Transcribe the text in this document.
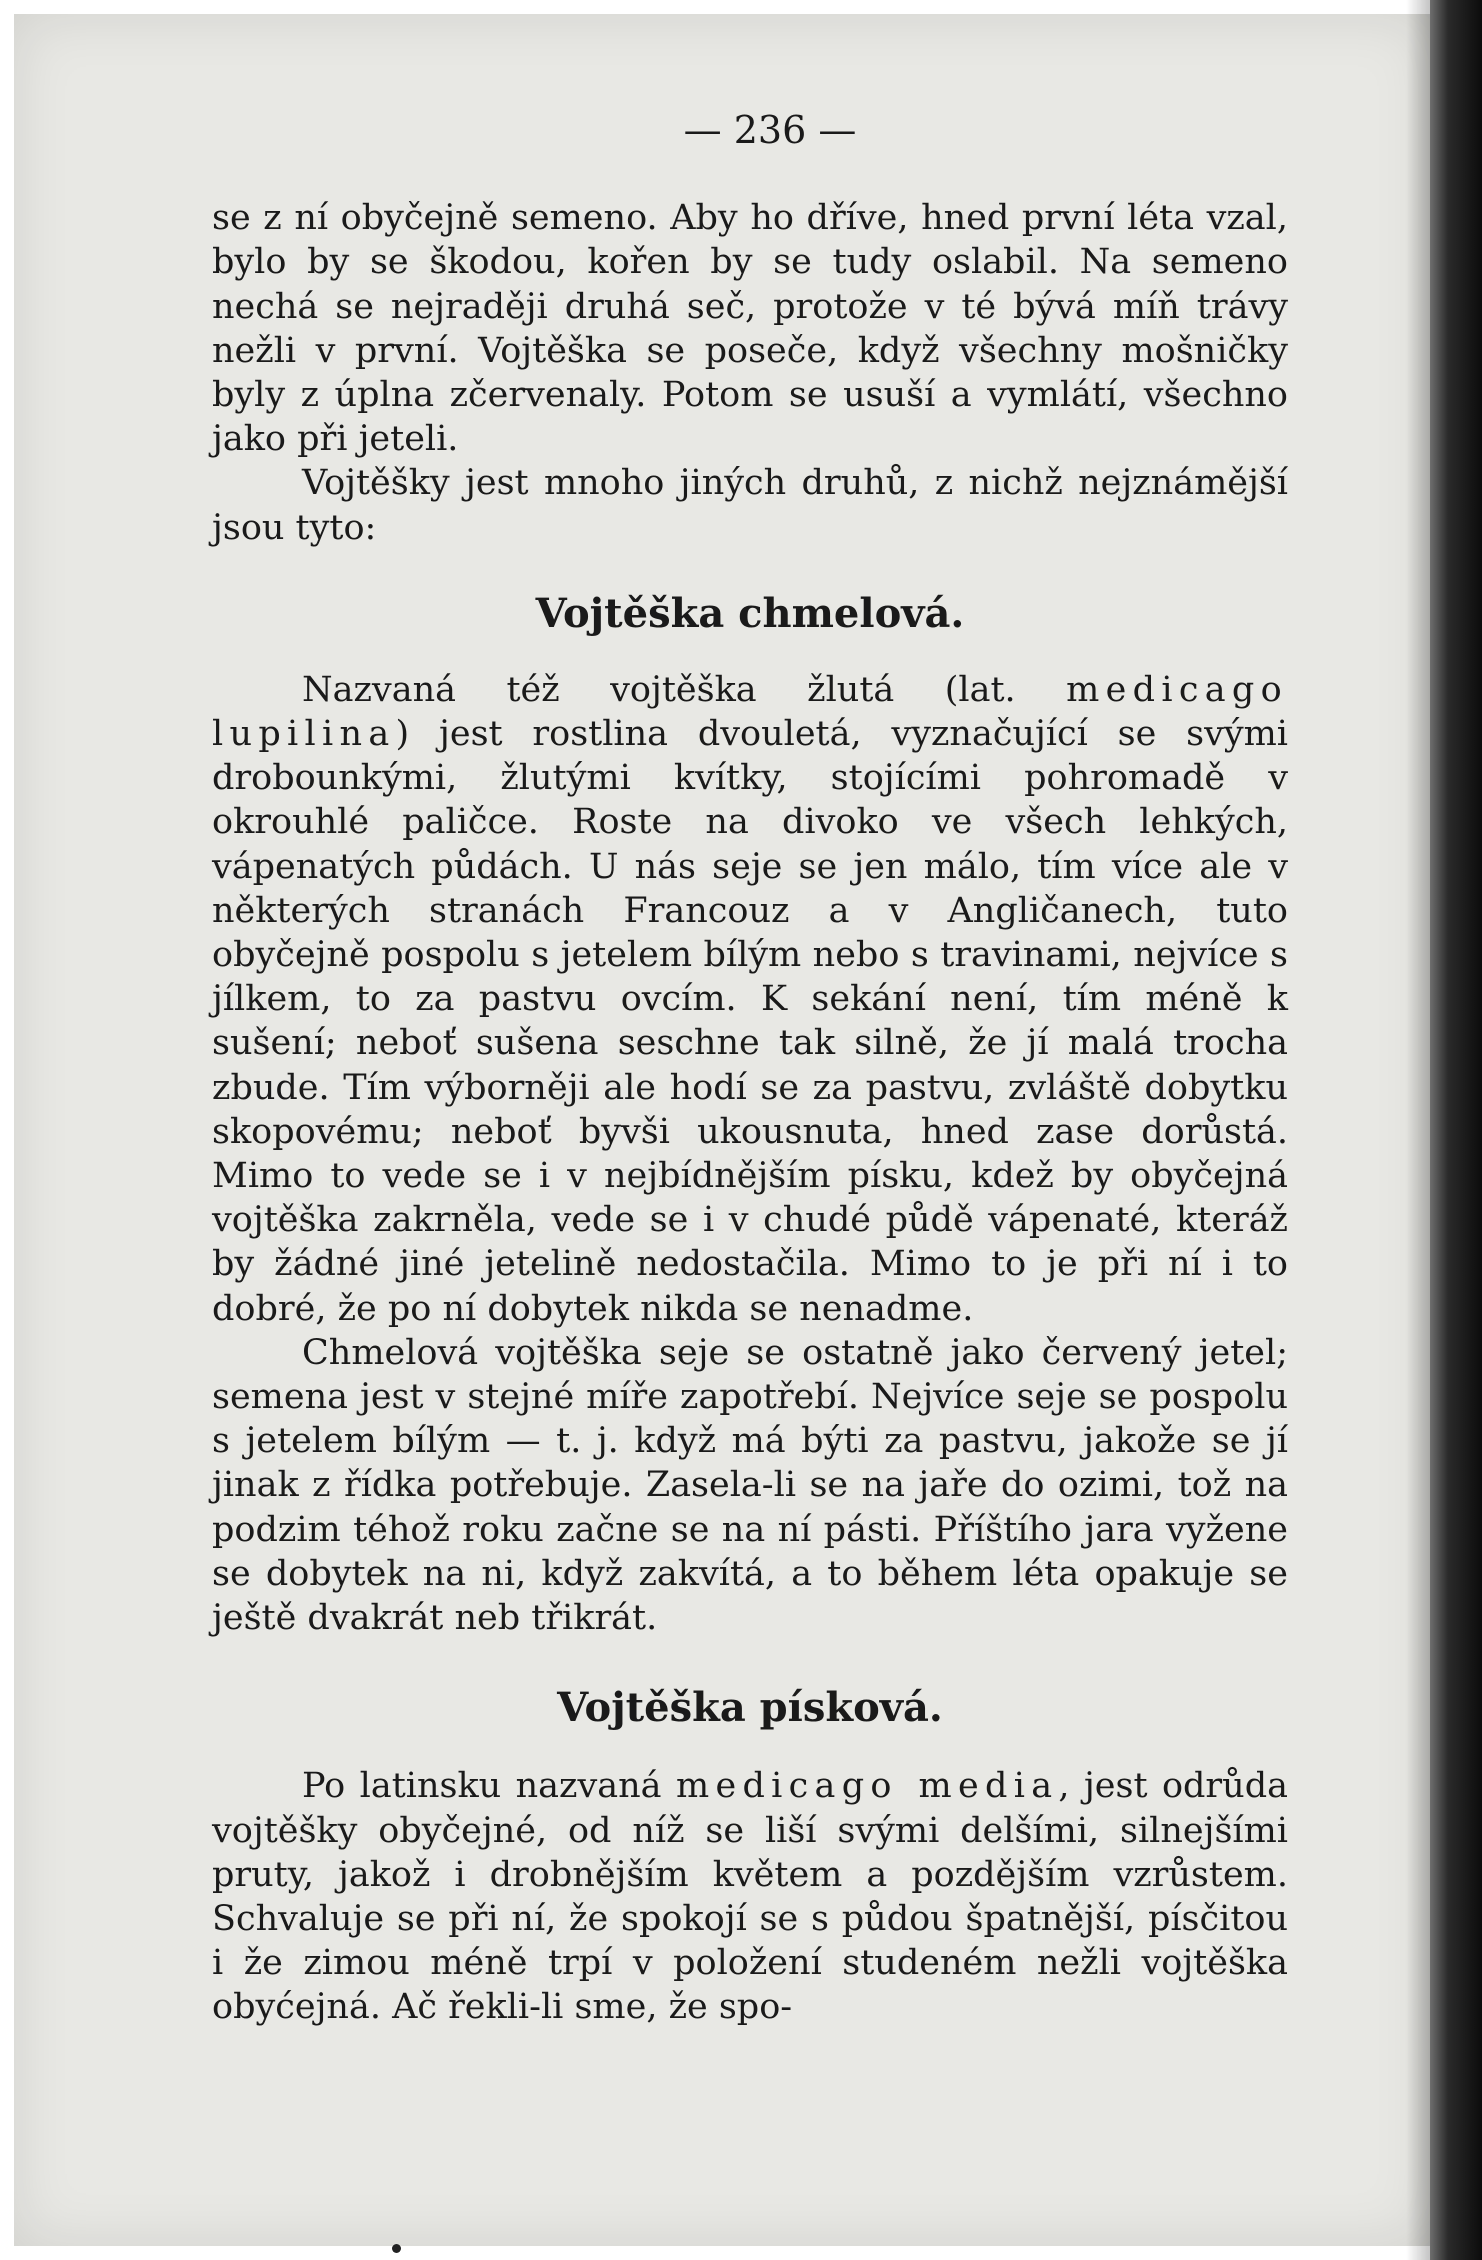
— 236 —

se z ní obyčejně semeno. Aby ho dříve, hned první léta vzal, bylo by se škodou, kořen by se tudy oslabil. Na semeno nechá se nejraději druhá seč, protože v té bývá míň trávy nežli v první. Vojtěška se poseče, když všechny mošničky byly z úplna zčervenaly. Potom se usuší a vymlátí, všechno jako při jeteli.

Vojtěšky jest mnoho jiných druhů, z nichž nejznámější jsou tyto:

Vojtěška chmelová.

Nazvaná též vojtěška žlutá (lat. medicago lupilina) jest rostlina dvouletá, vyznačující se svými drobounkými, žlutými kvítky, stojícími pohromadě v okrouhlé paličce. Roste na divoko ve všech lehkých, vápenatých půdách. U nás seje se jen málo, tím více ale v některých stranách Francouz a v Angličanech, tuto obyčejně pospolu s jetelem bílým nebo s travinami, nejvíce s jílkem, to za pastvu ovcím. K sekání není, tím méně k sušení; neboť sušena seschne tak silně, že jí malá trocha zbude. Tím výborněji ale hodí se za pastvu, zvláště dobytku skopovému; neboť byvši ukousnuta, hned zase dorůstá. Mimo to vede se i v nejbídnějším písku, kdež by obyčejná vojtěška zakrněla, vede se i v chudé půdě vápenaté, kteráž by žádné jiné jetelině nedostačila. Mimo to je při ní i to dobré, že po ní dobytek nikda se nenadme.

Chmelová vojtěška seje se ostatně jako červený jetel; semena jest v stejné míře zapotřebí. Nejvíce seje se pospolu s jetelem bílým — t. j. když má býti za pastvu, jakože se jí jinak z řídka potřebuje. Zasela-li se na jaře do ozimi, tož na podzim téhož roku začne se na ní pásti. Příštího jara vyžene se dobytek na ni, když zakvítá, a to během léta opakuje se ještě dvakrát neb třikrát.

Vojtěška písková.

Po latinsku nazvaná medicago media, jest odrůda vojtěšky obyčejné, od níž se liší svými delšími, silnejšími pruty, jakož i drobnějším květem a pozdějším vzrůstem. Schvaluje se při ní, že spokojí se s půdou špatnější, písčitou i že zimou méně trpí v položení studeném nežli vojtěška obyćejná. Ač řekli-li sme, že spo-
